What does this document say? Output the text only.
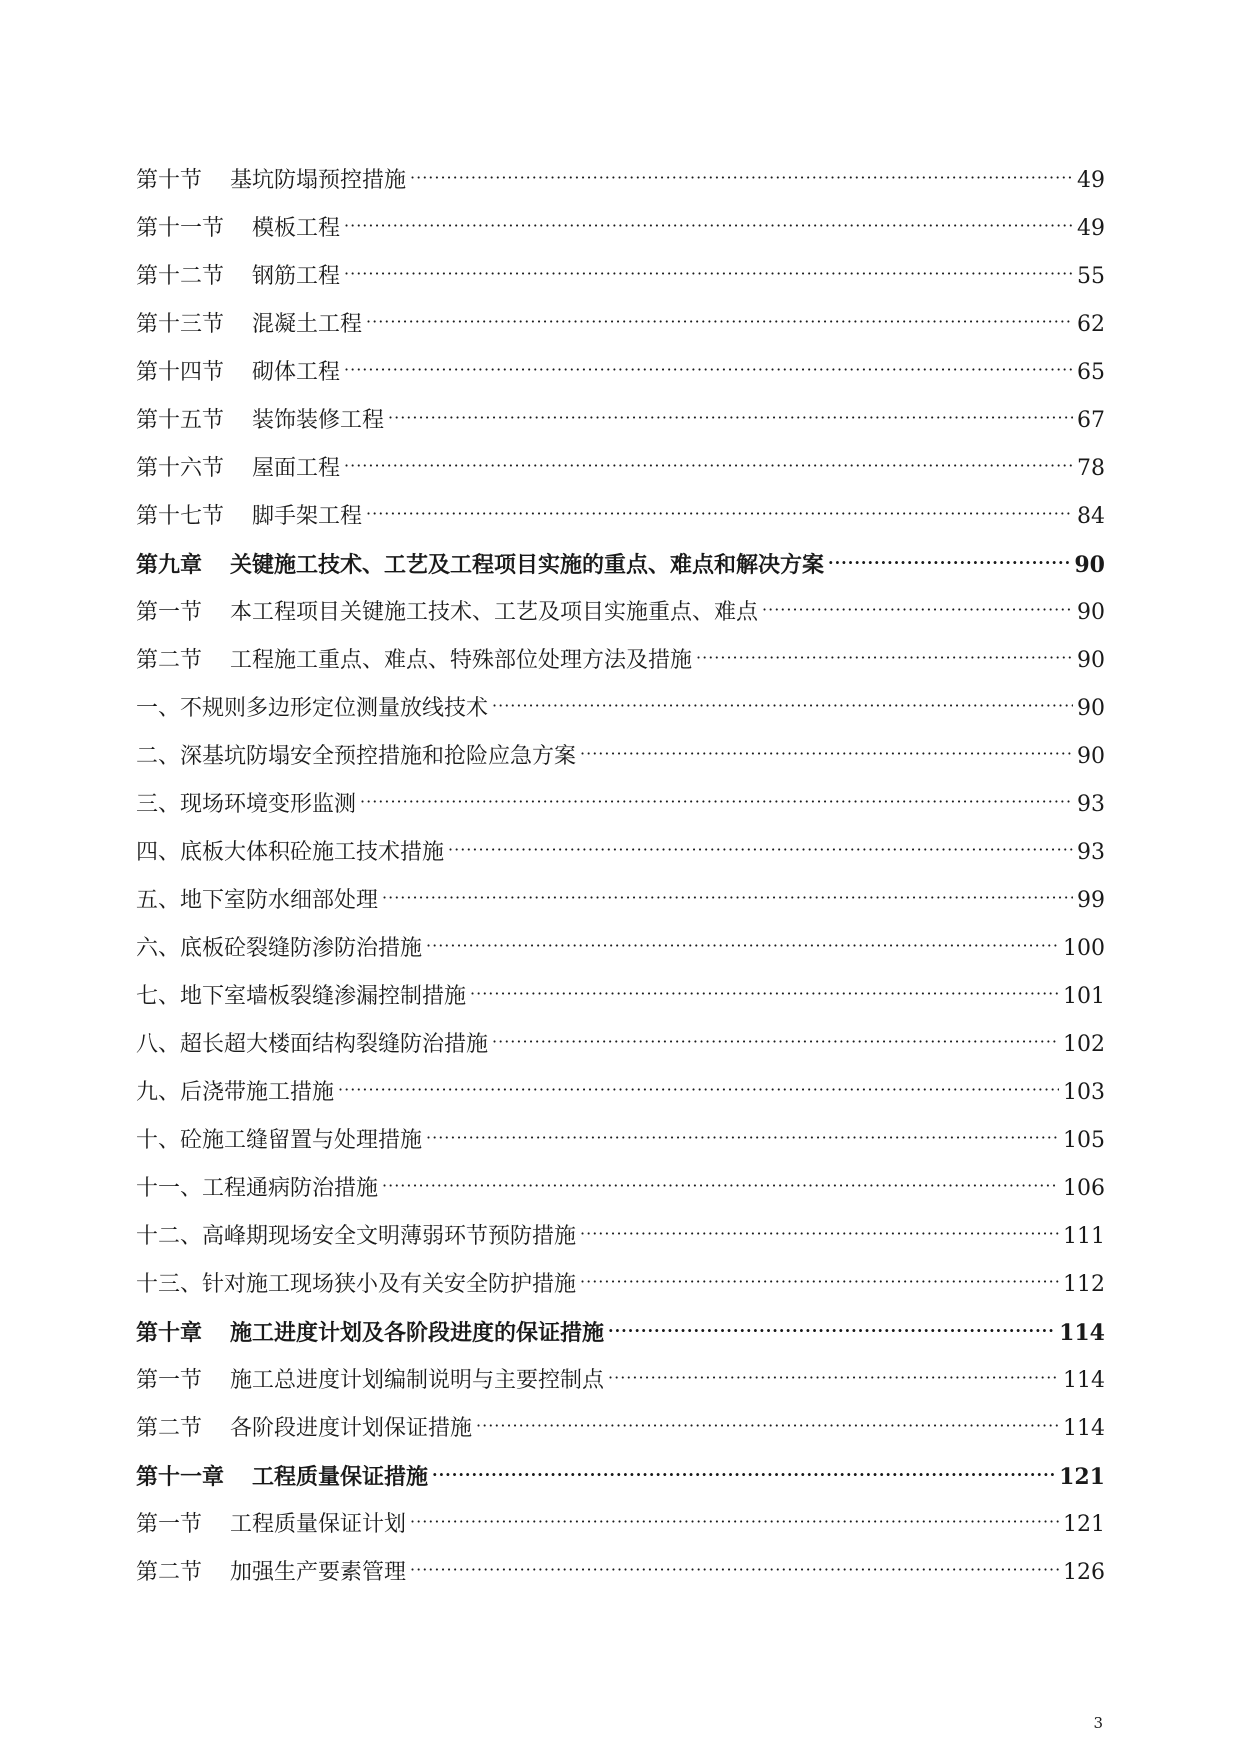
第十节 基坑防塌预控措施 ·····	49
第十一节 模板工程 ·····	49
第十二节 钢筋工程 ·····	55
第十三节 混凝土工程 ·····	62
第十四节 砌体工程 ·····	65
第十五节 装饰装修工程 ·····	67
第十六节 屋面工程 ·····	78
第十七节 脚手架工程 ·····	84
第九章 关键施工技术、工艺及工程项目实施的重点、难点和解决方案 ·····	90
第一节 本工程项目关键施工技术、工艺及项目实施重点、难点 ·····	90
第二节 工程施工重点、难点、特殊部位处理方法及措施 ·····	90
一、不规则多边形定位测量放线技术 ·····	90
二、深基坑防塌安全预控措施和抢险应急方案 ·····	90
三、现场环境变形监测 ·····	93
四、底板大体积砼施工技术措施 ·····	93
五、地下室防水细部处理 ·····	99
六、底板砼裂缝防渗防治措施 ·····	100
七、地下室墙板裂缝渗漏控制措施 ·····	101
八、超长超大楼面结构裂缝防治措施 ·····	102
九、后浇带施工措施 ·····	103
十、砼施工缝留置与处理措施 ·····	105
十一、工程通病防治措施 ·····	106
十二、高峰期现场安全文明薄弱环节预防措施 ·····	111
十三、针对施工现场狭小及有关安全防护措施 ·····	112
第十章 施工进度计划及各阶段进度的保证措施 ·····	114
第一节 施工总进度计划编制说明与主要控制点 ·····	114
第二节 各阶段进度计划保证措施 ·····	114
第十一章 工程质量保证措施 ·····	121
第一节 工程质量保证计划 ·····	121
第二节 加强生产要素管理 ·····	126
3
